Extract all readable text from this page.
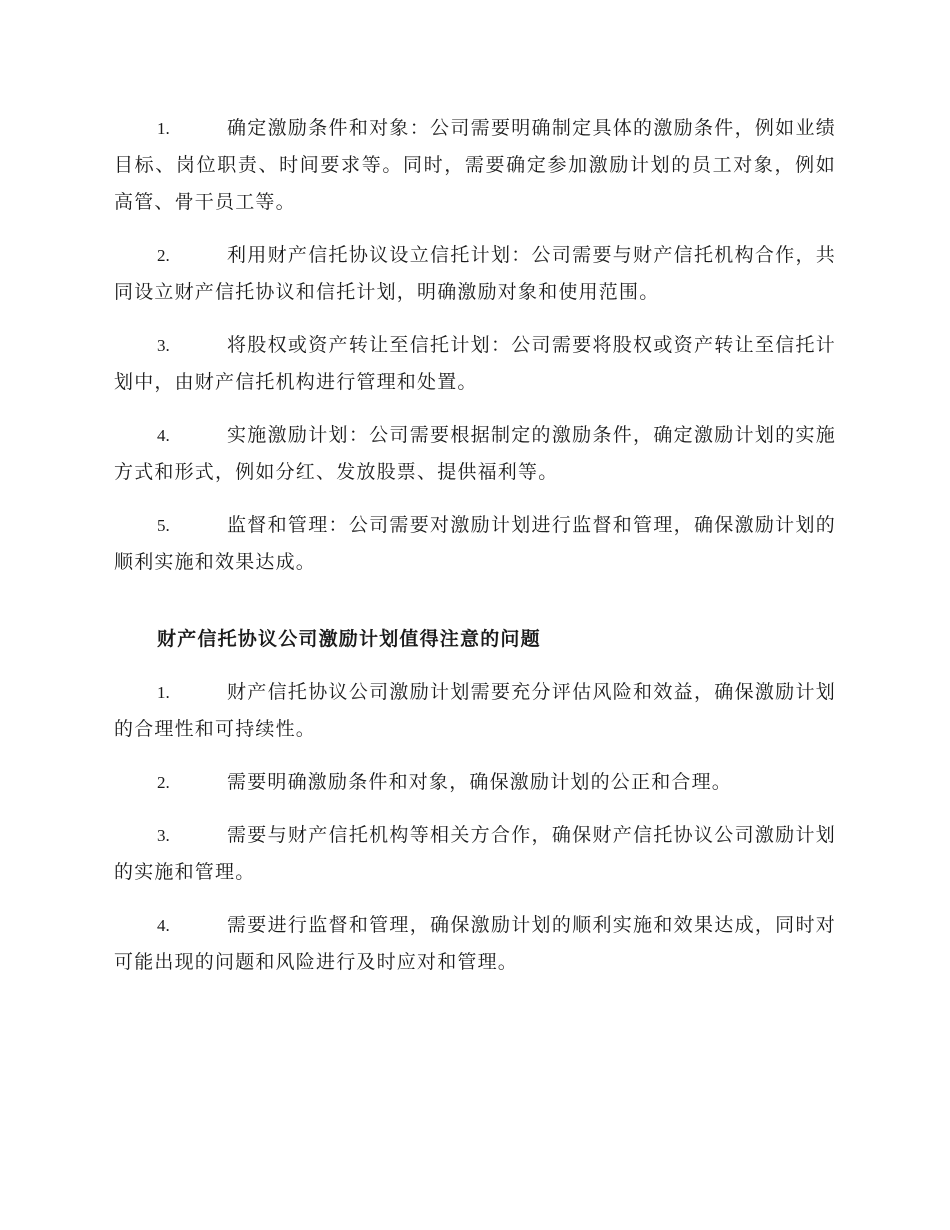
1.	确定激励条件和对象：公司需要明确制定具体的激励条件，例如业绩目标、岗位职责、时间要求等。同时，需要确定参加激励计划的员工对象，例如高管、骨干员工等。

2.	利用财产信托协议设立信托计划：公司需要与财产信托机构合作，共同设立财产信托协议和信托计划，明确激励对象和使用范围。

3.	将股权或资产转让至信托计划：公司需要将股权或资产转让至信托计划中，由财产信托机构进行管理和处置。

4.	实施激励计划：公司需要根据制定的激励条件，确定激励计划的实施方式和形式，例如分红、发放股票、提供福利等。

5.	监督和管理：公司需要对激励计划进行监督和管理，确保激励计划的顺利实施和效果达成。

财产信托协议公司激励计划值得注意的问题

1.	财产信托协议公司激励计划需要充分评估风险和效益，确保激励计划的合理性和可持续性。

2.	需要明确激励条件和对象，确保激励计划的公正和合理。

3.	需要与财产信托机构等相关方合作，确保财产信托协议公司激励计划的实施和管理。

4.	需要进行监督和管理，确保激励计划的顺利实施和效果达成，同时对可能出现的问题和风险进行及时应对和管理。
